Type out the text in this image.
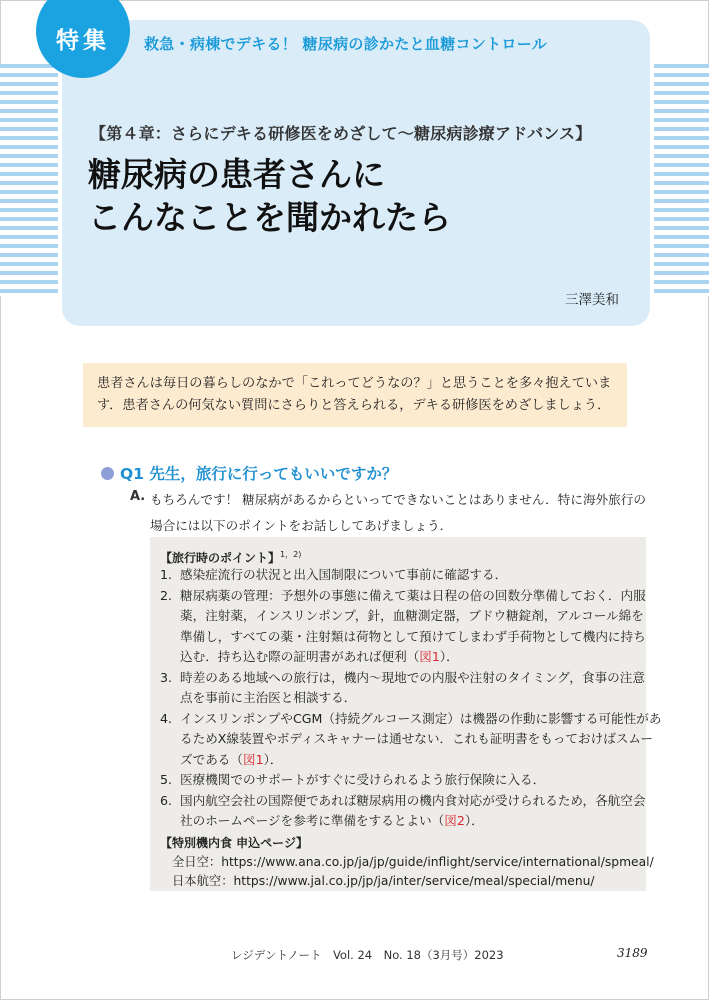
特集	救急・病棟でデキる！ 糖尿病の診かたと血糖コントロール
【第４章：さらにデキる研修医をめざして〜糖尿病診療アドバンス】
糖尿病の患者さんに
こんなことを聞かれたら
三澤美和
患者さんは毎日の暮らしのなかで「これってどうなの？」と思うことを多々抱えていま
す．患者さんの何気ない質問にさらりと答えられる，デキる研修医をめざしましょう．
Q1 先生，旅行に行ってもいいですか？
A. もちろんです！ 糖尿病があるからといってできないことはありません．特に海外旅行の
場合には以下のポイントをお話ししてあげましょう．
【旅行時のポイント】$^{1,2)}$
1. 感染症流行の状況と出入国制限について事前に確認する．
2. 糖尿病薬の管理：予想外の事態に備えて薬は日程の倍の回数分準備しておく．内服
薬，注射薬，インスリンポンプ，針，血糖測定器，ブドウ糖錠剤，アルコール綿を
準備し，すべての薬・注射類は荷物として預けてしまわず手荷物として機内に持ち
込む．持ち込む際の証明書があれば便利（図1）．
3. 時差のある地域への旅行は，機内〜現地での内服や注射のタイミング，食事の注意
点を事前に主治医と相談する．
4. インスリンポンプやCGM（持続グルコース測定）は機器の作動に影響する可能性があ
るためX線装置やボディスキャナーは通せない．これも証明書をもっておけばスムー
ズである（図1）．
5. 医療機関でのサポートがすぐに受けられるよう旅行保険に入る．
6. 国内航空会社の国際便であれば糖尿病用の機内食対応が受けられるため，各航空会
社のホームページを参考に準備をするとよい（図2）．
【特別機内食 申込ページ】
全日空：https://www.ana.co.jp/ja/jp/guide/inflight/service/international/spmeal/
日本航空：https://www.jal.co.jp/jp/ja/inter/service/meal/special/menu/
レジデントノート　Vol. 24　No. 18（3月号）2023	3189
